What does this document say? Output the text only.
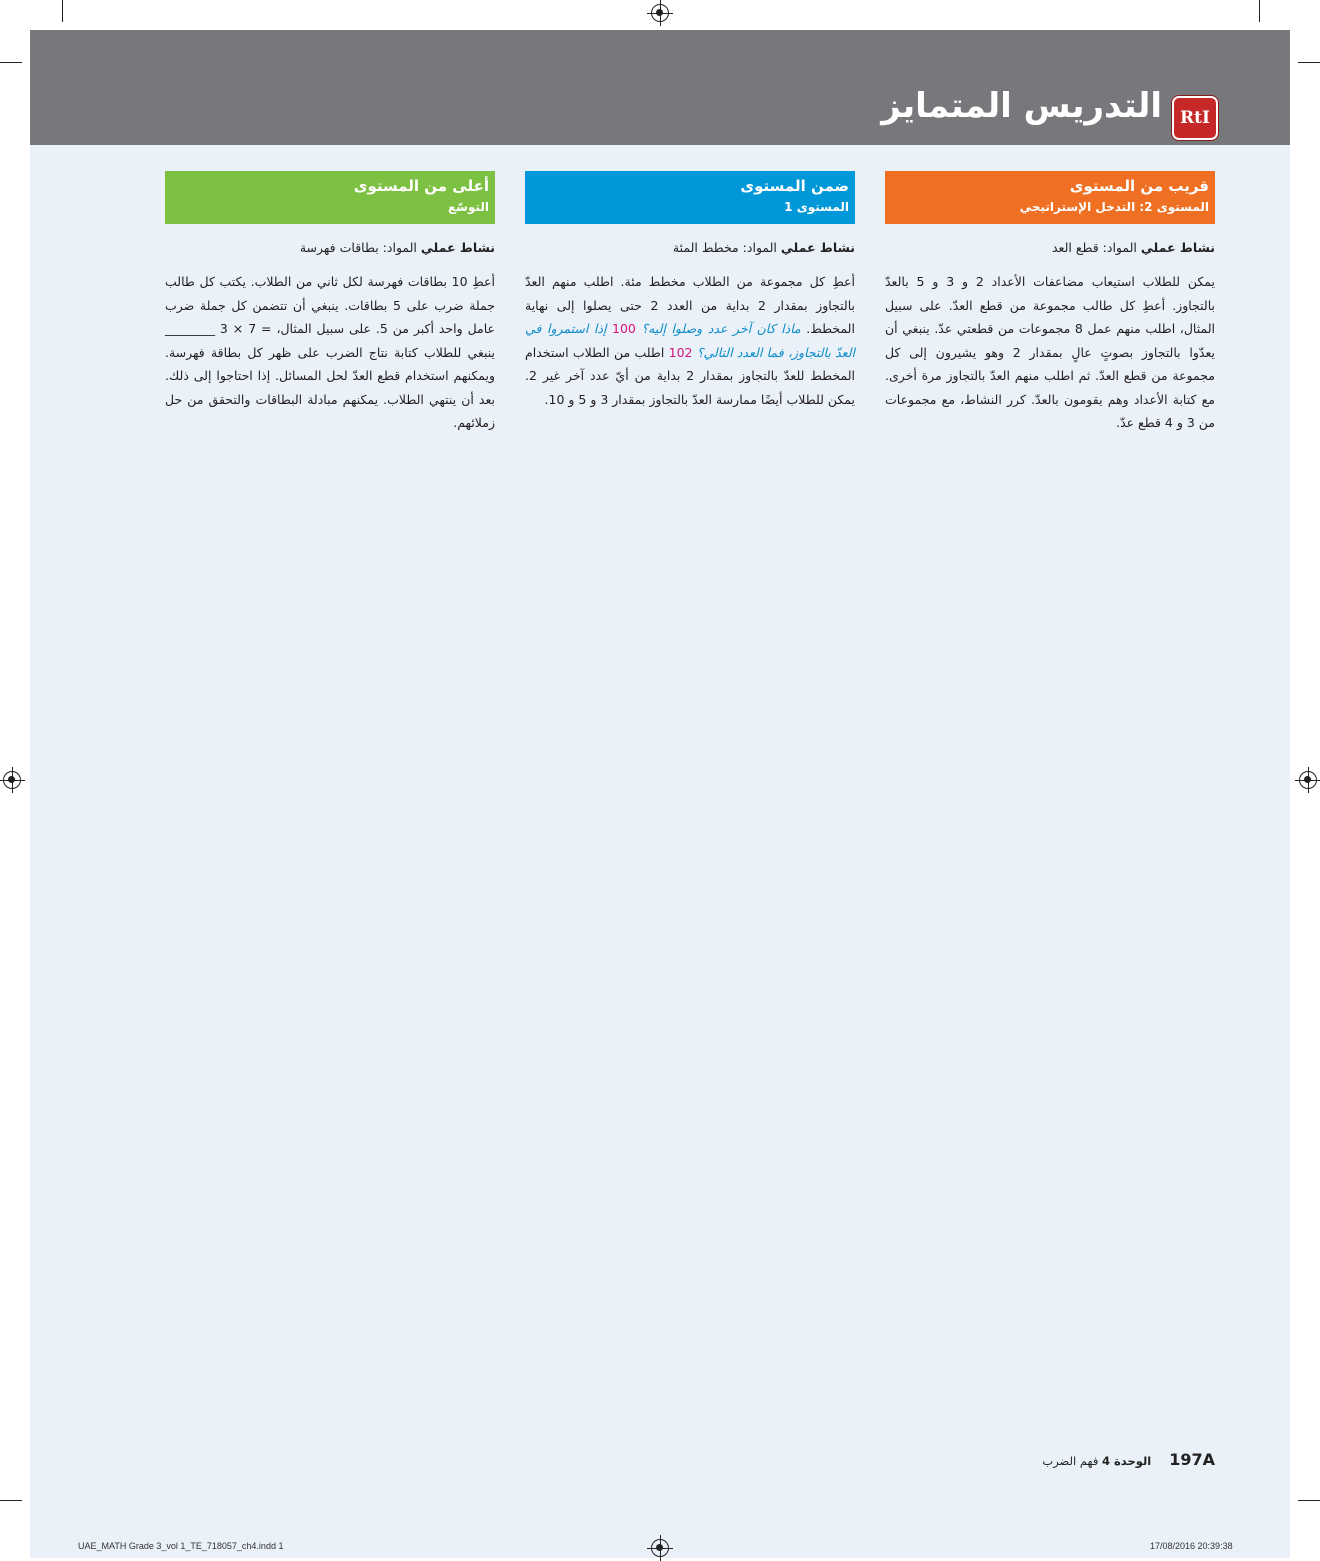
التدريس المتمايز	RtI
قريب من المستوى
المستوى 2: التدخل الإستراتيجي
نشاط عملي المواد: قطع العد
يمكن للطلاب استيعاب مضاعفات الأعداد 2 و 3 و 5 بالعدّ بالتجاوز. أعطِ كل طالب مجموعة من قطع العدّ. على سبيل المثال، اطلب منهم عمل 8 مجموعات من قطعتي عدّ. ينبغي أن يعدّوا بالتجاوز بصوتٍ عالٍ بمقدار 2 وهو يشيرون إلى كل مجموعة من قطع العدّ. ثم اطلب منهم العدّ بالتجاوز مرة أخرى. مع كتابة الأعداد وهم يقومون بالعدّ. كرر النشاط، مع مجموعات من 3 و 4 قطع عدّ.
ضمن المستوى
المستوى 1
نشاط عملي المواد: مخطط المئة
أعطِ كل مجموعة من الطلاب مخطط مئة. اطلب منهم العدّ بالتجاوز بمقدار 2 بداية من العدد 2 حتى يصلوا إلى نهاية المخطط. ماذا كان آخر عدد وصلوا إليه؟ 100 إذا استمروا في العدّ بالتجاوز، فما العدد التالي؟ 102 اطلب من الطلاب استخدام المخطط للعدّ بالتجاوز بمقدار 2 بداية من أيّ عدد آخر غير 2. يمكن للطلاب أيضًا ممارسة العدّ بالتجاوز بمقدار 3 و 5 و 10.
أعلى من المستوى
التوسّع
نشاط عملي المواد: بطاقات فهرسة
أعطِ 10 بطاقات فهرسة لكل ثاني من الطلاب. يكتب كل طالب جملة ضرب على 5 بطاقات. ينبغي أن تتضمن كل جملة ضرب عامل واحد أكبر من 5. على سبيل المثال، = 7 × 3 ________ ينبغي للطلاب كتابة نتاج الضرب على ظهر كل بطاقة فهرسة. ويمكنهم استخدام قطع العدّ لحل المسائل. إذا احتاجوا إلى ذلك. بعد أن ينتهي الطلاب. يمكنهم مبادلة البطاقات والتحقق من حل زملائهم.
197Aالوحدة 4 فهم الضرب
UAE_MATH Grade 3_vol 1_TE_718057_ch4.indd 1	17/08/2016 20:39:38
